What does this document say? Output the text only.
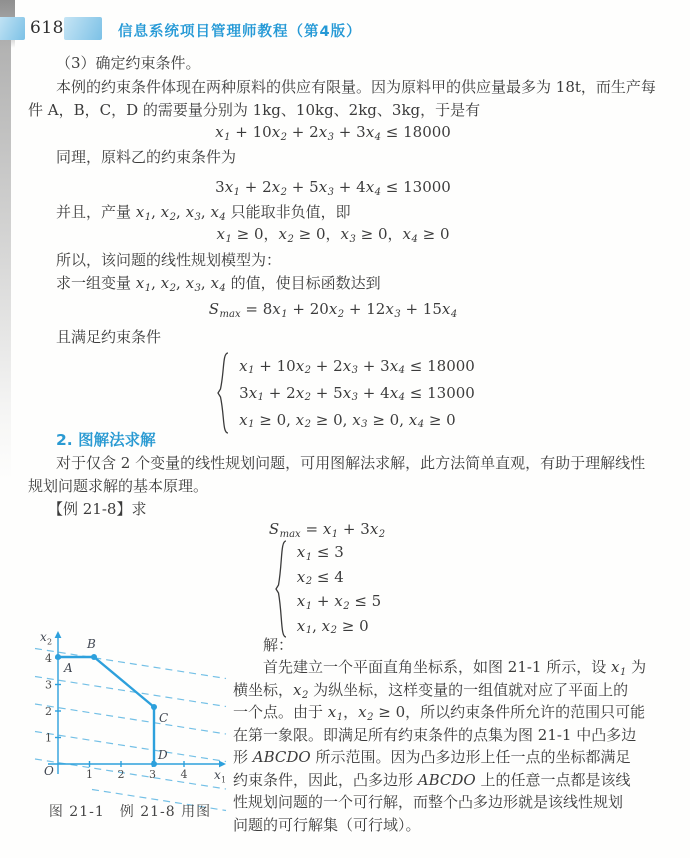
618	信息系统项目管理师教程（第4版）
（3）确定约束条件。
本例的约束条件体现在两种原料的供应有限量。因为原料甲的供应量最多为 18t，而生产每
件 A，B，C，D 的需要量分别为 1kg、10kg、2kg、3kg，于是有
$x_1 + 10x_2 + 2x_3 + 3x_4 \le 18000$
同理，原料乙的约束条件为
$3x_1 + 2x_2 + 5x_3 + 4x_4 \le 13000$
并且，产量 $x_1$, $x_2$, $x_3$, $x_4$ 只能取非负值，即
$x_1 \ge 0$，$x_2 \ge 0$，$x_3 \ge 0$，$x_4 \ge 0$
所以，该问题的线性规划模型为：
求一组变量 $x_1$, $x_2$, $x_3$, $x_4$ 的值，使目标函数达到
$S_{max} = 8x_1 + 20x_2 + 12x_3 + 15x_4$
且满足约束条件
$x_1 + 10x_2 + 2x_3 + 3x_4 \le 18000$
$3x_1 + 2x_2 + 5x_3 + 4x_4 \le 13000$
$x_1 \ge 0$, $x_2 \ge 0$, $x_3 \ge 0$, $x_4 \ge 0$
2. 图解法求解
对于仅含 2 个变量的线性规划问题，可用图解法求解，此方法简单直观，有助于理解线性
规划问题求解的基本原理。
【例 21-8】求
$S_{max} = x_1 + 3x_2$
$x_1 \le 3$
$x_2 \le 4$
$x_1 + x_2 \le 5$
$x_1$, $x_2 \ge 0$
解：
首先建立一个平面直角坐标系，如图 21-1 所示，设 $x_1$ 为
横坐标，$x_2$ 为纵坐标，这样变量的一组值就对应了平面上的
一个点。由于 $x_1$，$x_2 \ge 0$，所以约束条件所允许的范围只可能
在第一象限。即满足所有约束条件的点集为图 21-1 中凸多边
形 ABCDO 所示范围。因为凸多边形上任一点的坐标都满足
约束条件，因此，凸多边形 ABCDO 上的任意一点都是该线
性规划问题的一个可行解，而整个凸多边形就是该线性规划
问题的可行解集（可行域）。
1 2 3 4
1
2
3
4
x 2
x 1
O
A
B
C
D
图 21-1　例 21-8 用图
